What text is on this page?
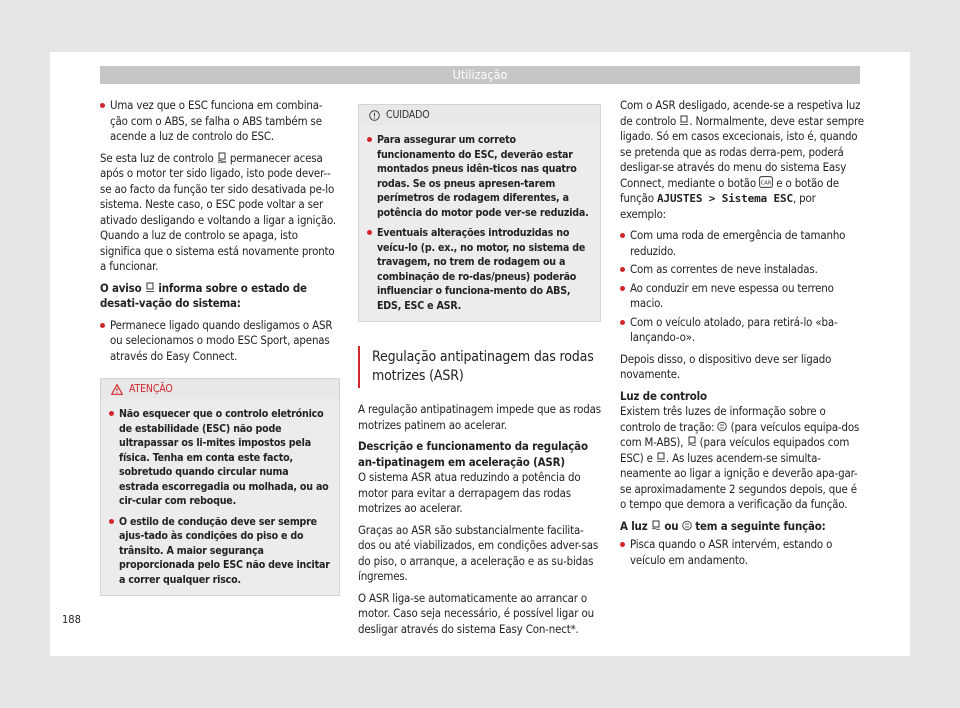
Utilização

Uma vez que o ESC funciona em combina-ção com o ABS, se falha o ABS também se acende a luz de controlo do ESC.

Se esta luz de controlo permanecer acesa após o motor ter sido ligado, isto pode dever--se ao facto da função ter sido desativada pe-lo sistema. Neste caso, o ESC pode voltar a ser ativado desligando e voltando a ligar a ignição. Quando a luz de controlo se apaga, isto significa que o sistema está novamente pronto a funcionar.

O aviso informa sobre o estado de desati-vação do sistema:

Permanece ligado quando desligamos o ASR ou selecionamos o modo ESC Sport, apenas através do Easy Connect.

ATENÇÃO

Não esquecer que o controlo eletrónico de estabilidade (ESC) não pode ultrapassar os li-mites impostos pela física. Tenha em conta este facto, sobretudo quando circular numa estrada escorregadia ou molhada, ou ao cir-cular com reboque.

O estilo de condução deve ser sempre ajus-tado às condições do piso e do trânsito. A maior segurança proporcionada pelo ESC não deve incitar a correr qualquer risco.

CUIDADO

Para assegurar um correto funcionamento do ESC, deverão estar montados pneus idên-ticos nas quatro rodas. Se os pneus apresen-tarem perímetros de rodagem diferentes, a potência do motor pode ver-se reduzida.

Eventuais alterações introduzidas no veícu-lo (p. ex., no motor, no sistema de travagem, no trem de rodagem ou a combinação de ro-das/pneus) poderão influenciar o funciona-mento do ABS, EDS, ESC e ASR.

Regulação antipatinagem das rodas motrizes (ASR)

A regulação antipatinagem impede que as rodas motrizes patinem ao acelerar.

Descrição e funcionamento da regulação an-tipatinagem em aceleração (ASR)

O sistema ASR atua reduzindo a potência do motor para evitar a derrapagem das rodas motrizes ao acelerar.

Graças ao ASR são substancialmente facilita-dos ou até viabilizados, em condições adver-sas do piso, o arranque, a aceleração e as su-bidas íngremes.

O ASR liga-se automaticamente ao arrancar o motor. Caso seja necessário, é possível ligar ou desligar através do sistema Easy Con-nect*.

Com o ASR desligado, acende-se a respetiva luz de controlo . Normalmente, deve estar sempre ligado. Só em casos excecionais, isto é, quando se pretenda que as rodas derra-pem, poderá desligar-se através do menu do sistema Easy Connect, mediante o botão CAR e o botão de função AJUSTES > Sistema ESC, por exemplo:

Com uma roda de emergência de tamanho reduzido.

Com as correntes de neve instaladas.

Ao conduzir em neve espessa ou terreno macio.

Com o veículo atolado, para retirá-lo «ba-lançando-o».

Depois disso, o dispositivo deve ser ligado novamente.

Luz de controlo

Existem três luzes de informação sobre o controlo de tração: (para veículos equipa-dos com M-ABS), (para veículos equipados com ESC) e . As luzes acendem-se simulta-neamente ao ligar a ignição e deverão apa-gar-se aproximadamente 2 segundos depois, que é o tempo que demora a verificação da função.

A luz ou tem a seguinte função:

Pisca quando o ASR intervém, estando o veículo em andamento.

188
